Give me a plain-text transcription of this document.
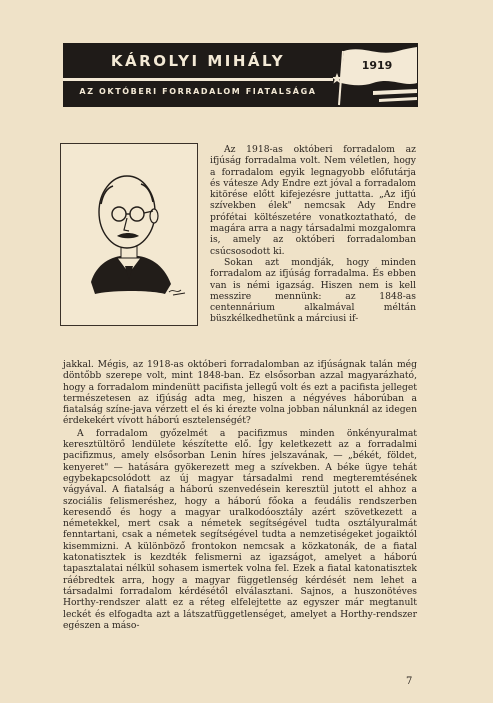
KÁROLYI MIHÁLY
AZ OKTÓBERI FORRADALOM FIATALSÁGA
1919

Az 1918-as októberi forradalom az ifjúság forradalma volt. Nem véletlen, hogy a forradalom egyik legnagyobb előfutárja és vátesze Ady Endre ezt jóval a forradalom kitörése előtt kifejezésre juttatta. „Az ifjú szívekben élek" nemcsak Ady Endre prófétai költészetére vonatkoztatható, de magára arra a nagy társadalmi mozgalomra is, amely az októberi forradalomban csúcsosodott ki.

Sokan azt mondják, hogy minden forradalom az ifjúság forradalma. És ebben van is némi igazság. Hiszen nem is kell messzire mennünk: az 1848-as centennárium alkalmával méltán büszkélkedhetünk a márciusi if-

jakkal. Mégis, az 1918-as októberi forradalomban az ifjúságnak talán még döntőbb szerepe volt, mint 1848-ban. Ez elsősorban azzal magyarázható, hogy a forradalom mindenütt pacifista jellegű volt és ezt a pacifista jelleget természetesen az ifjúság adta meg, hiszen a négyéves háborúban a fiatalság színe-java vérzett el és ki érezte volna jobban nálunknál az idegen érdekekért vívott háború esztelenségét?

A forradalom győzelmét a pacifizmus minden önkényuralmat keresztültörő lendülete készítette elő. Így keletkezett az a forradalmi pacifizmus, amely elsősorban Lenin híres jelszavának, — „békét, földet, kenyeret" — hatására gyökerezett meg a szívekben. A béke ügye tehát egybekapcsolódott az új magyar társadalmi rend megteremtésének vágyával. A fiatalság a háború szenvedésein keresztül jutott el ahhoz a szociális felismeréshez, hogy a háború főoka a feudális rendszerben keresendő és hogy a magyar uralkodóosztály azért szövetkezett a németekkel, mert csak a németek segítségével tudta osztályuralmát fenntartani, csak a németek segítségével tudta a nemzetiségeket jogaiktól kisemmizni. A különböző frontokon nemcsak a közkatonák, de a fiatal katonatisztek is kezdték felismerni az igazságot, amelyet a háború tapasztalatai nélkül sohasem ismertek volna fel. Ezek a fiatal katonatisztek ráébredtek arra, hogy a magyar függetlenség kérdését nem lehet a társadalmi forradalom kérdésétől elválasztani. Sajnos, a huszonötéves Horthy-rendszer alatt ez a réteg elfelejtette az egyszer már megtanult leckét és elfogadta azt a látszatfüggetlenséget, amelyet a Horthy-rendszer egészen a máso-

7
